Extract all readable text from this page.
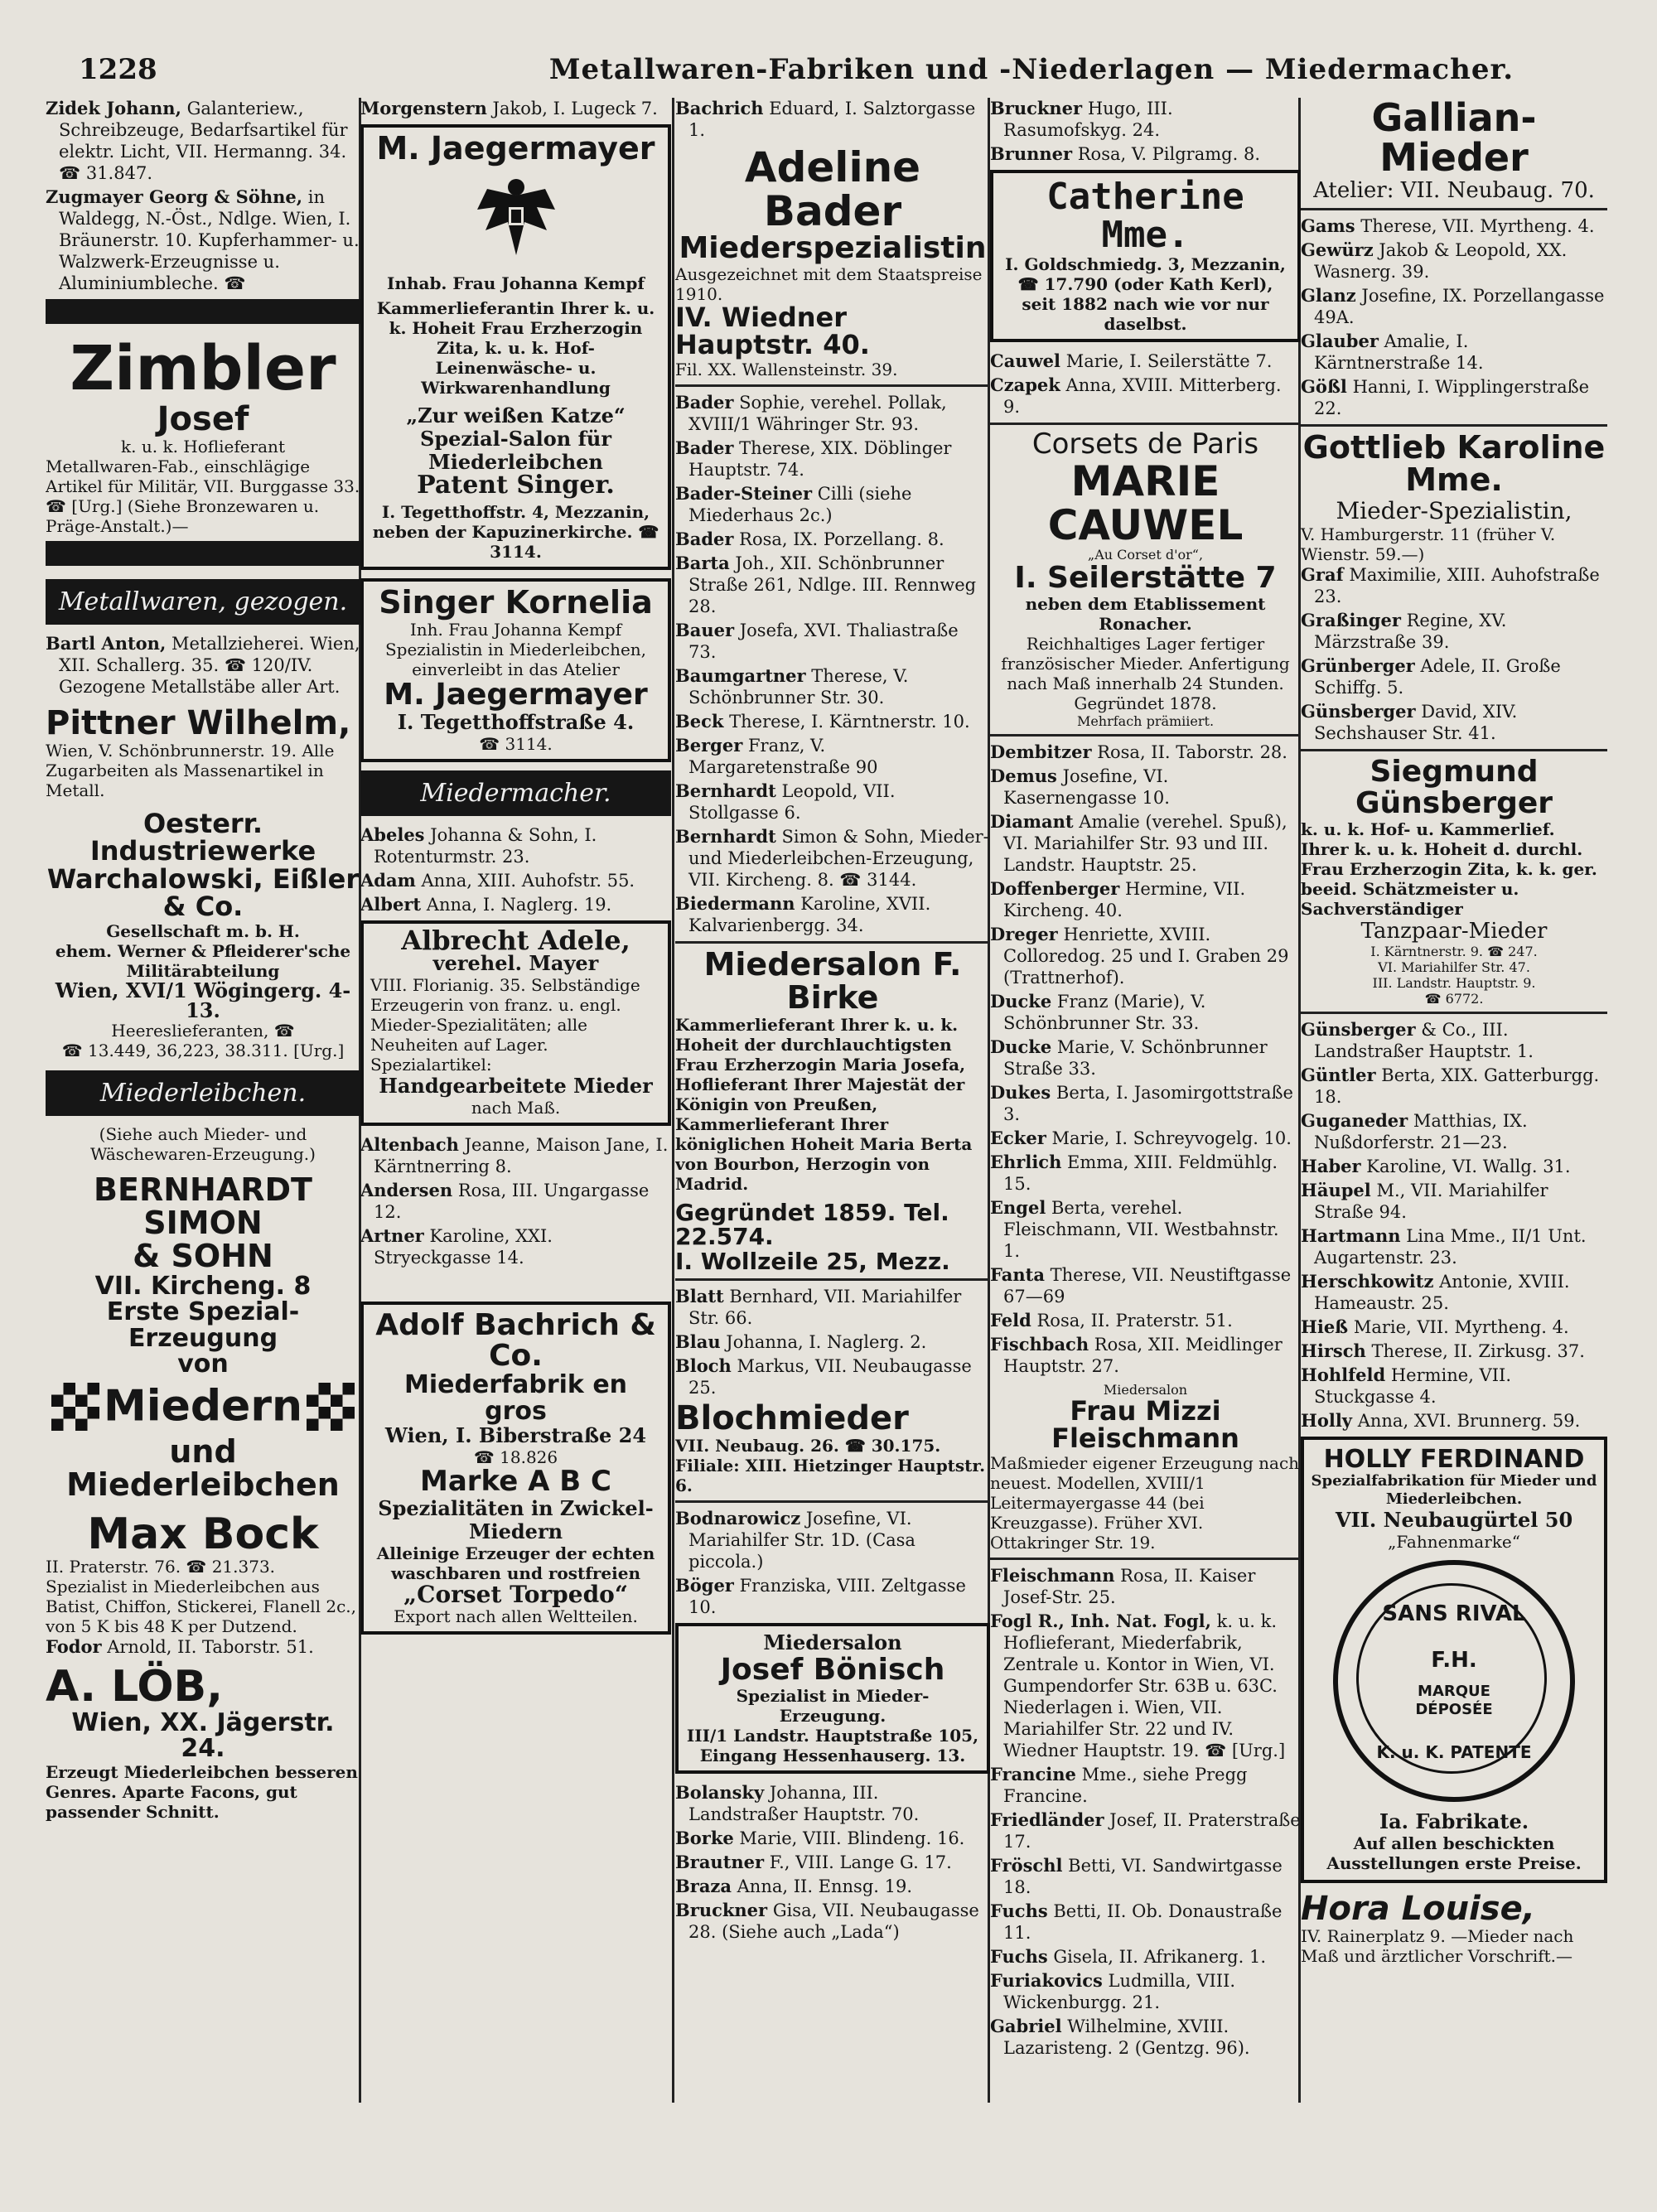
1228	Metallwaren-Fabriken und -Niederlagen — Miedermacher.

Zidek Johann, Galanteriew., Schreibzeuge, Bedarfsartikel für elektr. Licht, VII. Hermanng. 34. ☎ 31.847.

Zugmayer Georg & Söhne, in Waldegg, N.-Öst., Ndlge. Wien, I. Bräunerstr. 10. Kupferhammer- u. Walzwerk-Erzeugnisse u. Aluminiumbleche. ☎

Zimbler
Josef
k. u. k. Hoflieferant
Metallwaren-Fab., einschlägige Artikel für Militär, VII. Burggasse 33. ☎ [Urg.] (Siehe Bronzewaren u. Präge-Anstalt.)—
Metallwaren, gezogen.

Bartl Anton, Metallzieherei. Wien, XII. Schallerg. 35. ☎ 120/IV. Gezogene Metallstäbe aller Art.

Pittner Wilhelm,
Wien, V. Schönbrunnerstr. 19. Alle Zugarbeiten als Massenartikel in Metall.
Oesterr. Industriewerke
Warchalowski, Eißler & Co.
Gesellschaft m. b. H.
ehem. Werner & Pfleiderer'sche Militärabteilung
Wien, XVI/1 Wögingerg. 4-13.
Heereslieferanten, ☎
☎ 13.449, 36,223, 38.311. [Urg.]
Miederleibchen.
(Siehe auch Mieder- und Wäschewaren-Erzeugung.)
BERNHARDT SIMON
& SOHN
VII. Kircheng. 8
Erste Spezial-Erzeugung
von
Miedern
und Miederleibchen
Max Bock
II. Praterstr. 76. ☎ 21.373. Spezialist in Miederleibchen aus Batist, Chiffon, Stickerei, Flanell 2c., von 5 K bis 48 K per Dutzend.

Fodor Arnold, II. Taborstr. 51.

A. LÖB,
Wien, XX. Jägerstr. 24.
Erzeugt Miederleibchen besseren Genres. Aparte Facons, gut passender Schnitt.

Morgenstern Jakob, I. Lugeck 7.

M. Jaegermayer
Inhab. Frau Johanna Kempf
Kammerlieferantin Ihrer k. u. k. Hoheit Frau Erzherzogin Zita, k. u. k. Hof-Leinenwäsche- u. Wirkwarenhandlung
„Zur weißen Katze“
Spezial-Salon für Miederleibchen
Patent Singer.
I. Tegetthoffstr. 4, Mezzanin, neben der Kapuzinerkirche. ☎ 3114.
Singer Kornelia
Inh. Frau Johanna Kempf
Spezialistin in Miederleibchen, einverleibt in das Atelier
M. Jaegermayer
I. Tegetthoffstraße 4.
☎ 3114.
Miedermacher.

Abeles Johanna & Sohn, I. Rotenturmstr. 23.

Adam Anna, XIII. Auhofstr. 55.

Albert Anna, I. Naglerg. 19.

Albrecht Adele,
verehel. Mayer
VIII. Florianig. 35. Selbständige Erzeugerin von franz. u. engl. Mieder-Spezialitäten; alle Neuheiten auf Lager. Spezialartikel:
Handgearbeitete Mieder
nach Maß.

Altenbach Jeanne, Maison Jane, I. Kärntnerring 8.

Andersen Rosa, III. Ungargasse 12.

Artner Karoline, XXI. Stryeckgasse 14.

Adolf Bachrich & Co.
Miederfabrik en gros
Wien, I. Biberstraße 24
☎ 18.826
Marke A B C
Spezialitäten in Zwickel-Miedern
Alleinige Erzeuger der echten waschbaren und rostfreien
„Corset Torpedo“
Export nach allen Weltteilen.

Bachrich Eduard, I. Salztorgasse 1.

Adeline Bader
Miederspezialistin
Ausgezeichnet mit dem Staatspreise 1910.
IV. Wiedner Hauptstr. 40.
Fil. XX. Wallensteinstr. 39.

Bader Sophie, verehel. Pollak, XVIII/1 Währinger Str. 93.

Bader Therese, XIX. Döblinger Hauptstr. 74.

Bader-Steiner Cilli (siehe Miederhaus 2c.)

Bader Rosa, IX. Porzellang. 8.

Barta Joh., XII. Schönbrunner Straße 261, Ndlge. III. Rennweg 28.

Bauer Josefa, XVI. Thaliastraße 73.

Baumgartner Therese, V. Schönbrunner Str. 30.

Beck Therese, I. Kärntnerstr. 10.

Berger Franz, V. Margaretenstraße 90

Bernhardt Leopold, VII. Stollgasse 6.

Bernhardt Simon & Sohn, Mieder- und Miederleibchen-Erzeugung, VII. Kircheng. 8. ☎ 3144.

Biedermann Karoline, XVII. Kalvarienbergg. 34.

Miedersalon F. Birke
Kammerlieferant Ihrer k. u. k. Hoheit der durchlauchtigsten Frau Erzherzogin Maria Josefa, Hoflieferant Ihrer Majestät der Königin von Preußen, Kammerlieferant Ihrer königlichen Hoheit Maria Berta von Bourbon, Herzogin von Madrid.
Gegründet 1859. Tel. 22.574.
I. Wollzeile 25, Mezz.

Blatt Bernhard, VII. Mariahilfer Str. 66.

Blau Johanna, I. Naglerg. 2.

Bloch Markus, VII. Neubaugasse 25.

Blochmieder
VII. Neubaug. 26. ☎ 30.175. Filiale: XIII. Hietzinger Hauptstr. 6.

Bodnarowicz Josefine, VI. Mariahilfer Str. 1D. (Casa piccola.)

Böger Franziska, VIII. Zeltgasse 10.

Miedersalon
Josef Bönisch
Spezialist in Mieder-Erzeugung.
III/1 Landstr. Hauptstraße 105, Eingang Hessenhauserg. 13.

Bolansky Johanna, III. Landstraßer Hauptstr. 70.

Borke Marie, VIII. Blindeng. 16.

Brautner F., VIII. Lange G. 17.

Braza Anna, II. Ennsg. 19.

Bruckner Gisa, VII. Neubaugasse 28. (Siehe auch „Lada“)

Bruckner Hugo, III. Rasumofskyg. 24.

Brunner Rosa, V. Pilgramg. 8.

Catherine Mme.
I. Goldschmiedg. 3, Mezzanin, ☎ 17.790 (oder Kath Kerl), seit 1882 nach wie vor nur daselbst.

Cauwel Marie, I. Seilerstätte 7.

Czapek Anna, XVIII. Mitterberg. 9.

Corsets de Paris
MARIE CAUWEL
„Au Corset d'or“,
I. Seilerstätte 7
neben dem Etablissement Ronacher.
Reichhaltiges Lager fertiger französischer Mieder. Anfertigung nach Maß innerhalb 24 Stunden.
Gegründet 1878.
Mehrfach prämiiert.

Dembitzer Rosa, II. Taborstr. 28.

Demus Josefine, VI. Kasernengasse 10.

Diamant Amalie (verehel. Spuß), VI. Mariahilfer Str. 93 und III. Landstr. Hauptstr. 25.

Doffenberger Hermine, VII. Kircheng. 40.

Dreger Henriette, XVIII. Colloredog. 25 und I. Graben 29 (Trattnerhof).

Ducke Franz (Marie), V. Schönbrunner Str. 33.

Ducke Marie, V. Schönbrunner Straße 33.

Dukes Berta, I. Jasomirgottstraße 3.

Ecker Marie, I. Schreyvogelg. 10.

Ehrlich Emma, XIII. Feldmühlg. 15.

Engel Berta, verehel. Fleischmann, VII. Westbahnstr. 1.

Fanta Therese, VII. Neustiftgasse 67—69

Feld Rosa, II. Praterstr. 51.

Fischbach Rosa, XII. Meidlinger Hauptstr. 27.

Miedersalon
Frau Mizzi Fleischmann
Maßmieder eigener Erzeugung nach neuest. Modellen, XVIII/1 Leitermayergasse 44 (bei Kreuzgasse). Früher XVI. Ottakringer Str. 19.

Fleischmann Rosa, II. Kaiser Josef-Str. 25.

Fogl R., Inh. Nat. Fogl, k. u. k. Hoflieferant, Miederfabrik, Zentrale u. Kontor in Wien, VI. Gumpendorfer Str. 63B u. 63C. Niederlagen i. Wien, VII. Mariahilfer Str. 22 und IV. Wiedner Hauptstr. 19. ☎ [Urg.]

Francine Mme., siehe Pregg Francine.

Friedländer Josef, II. Praterstraße 17.

Fröschl Betti, VI. Sandwirtgasse 18.

Fuchs Betti, II. Ob. Donaustraße 11.

Fuchs Gisela, II. Afrikanerg. 1.

Furiakovics Ludmilla, VIII. Wickenburgg. 21.

Gabriel Wilhelmine, XVIII. Lazaristeng. 2 (Gentzg. 96).

Gallian-Mieder
Atelier: VII. Neubaug. 70.

Gams Therese, VII. Myrtheng. 4.

Gewürz Jakob & Leopold, XX. Wasnerg. 39.

Glanz Josefine, IX. Porzellangasse 49A.

Glauber Amalie, I. Kärntnerstraße 14.

Gößl Hanni, I. Wipplingerstraße 22.

Gottlieb Karoline Mme.
Mieder-Spezialistin,
V. Hamburgerstr. 11 (früher V. Wienstr. 59.—)

Graf Maximilie, XIII. Auhofstraße 23.

Graßinger Regine, XV. Märzstraße 39.

Grünberger Adele, II. Große Schiffg. 5.

Günsberger David, XIV. Sechshauser Str. 41.

Siegmund Günsberger
k. u. k. Hof- u. Kammerlief. Ihrer k. u. k. Hoheit d. durchl. Frau Erzherzogin Zita, k. k. ger. beeid. Schätzmeister u. Sachverständiger
Tanzpaar-Mieder
I. Kärntnerstr. 9. ☎ 247.
VI. Mariahilfer Str. 47.
III. Landstr. Hauptstr. 9.
☎ 6772.

Günsberger & Co., III. Landstraßer Hauptstr. 1.

Güntler Berta, XIX. Gatterburgg. 18.

Guganeder Matthias, IX. Nußdorferstr. 21—23.

Haber Karoline, VI. Wallg. 31.

Häupel M., VII. Mariahilfer Straße 94.

Hartmann Lina Mme., II/1 Unt. Augartenstr. 23.

Herschkowitz Antonie, XVIII. Hameaustr. 25.

Hieß Marie, VII. Myrtheng. 4.

Hirsch Therese, II. Zirkusg. 37.

Hohlfeld Hermine, VII. Stuckgasse 4.

Holly Anna, XVI. Brunnerg. 59.

HOLLY FERDINAND
Spezialfabrikation für Mieder und Miederleibchen.
VII. Neubaugürtel 50
„Fahnenmarke“
SANS RIVAL
F.H.
MARQUE
DÉPOSÉE
K. u. K. PATENTE
Ia. Fabrikate.
Auf allen beschickten Ausstellungen erste Preise.
Hora Louise,
IV. Rainerplatz 9. —Mieder nach Maß und ärztlicher Vorschrift.—
